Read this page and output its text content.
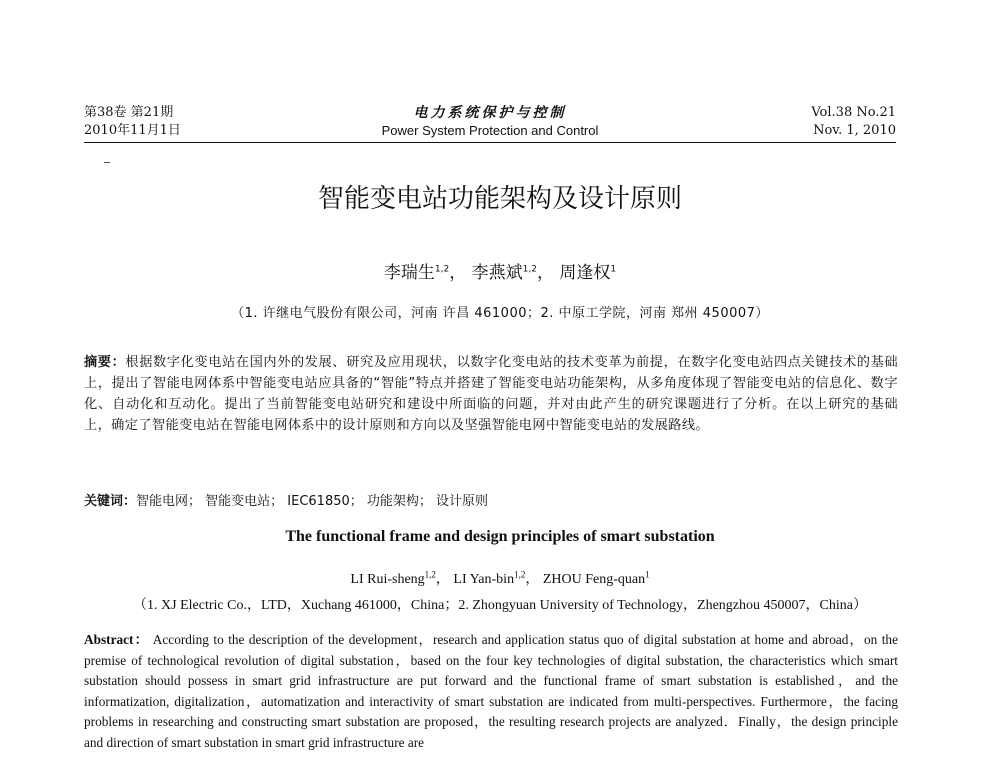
第38卷 第21期
2010年11月1日
电力系统保护与控制
Power System Protection and Control
Vol.38 No.21
Nov. 1, 2010
智能变电站功能架构及设计原则
李瑞生$^{1,2}$， 李燕斌$^{1,2}$， 周逢权$^1$
（1. 许继电气股份有限公司，河南 许昌 461000；2. 中原工学院，河南 郑州 450007）
摘要：根据数字化变电站在国内外的发展、研究及应用现状，以数字化变电站的技术变革为前提，在数字化变电站四点关键技术的基础上，提出了智能电网体系中智能变电站应具备的“智能”特点并搭建了智能变电站功能架构，从多角度体现了智能变电站的信息化、数字化、自动化和互动化。提出了当前智能变电站研究和建设中所面临的问题，并对由此产生的研究课题进行了分析。在以上研究的基础上，确定了智能变电站在智能电网体系中的设计原则和方向以及坚强智能电网中智能变电站的发展路线。
关键词：智能电网； 智能变电站； IEC61850； 功能架构； 设计原则
The functional frame and design principles of smart substation
LI Rui-sheng$^{1,2}$， LI Yan-bin$^{1,2}$， ZHOU Feng-quan$^1$
（1. XJ Electric Co.，LTD，Xuchang 461000，China；2. Zhongyuan University of Technology，Zhengzhou 450007，China）
Abstract： According to the description of the development，research and application status quo of digital substation at home and abroad，on the premise of technological revolution of digital substation，based on the four key technologies of digital substation, the characteristics which smart substation should possess in smart grid infrastructure are put forward and the functional frame of smart substation is established，and the informatization, digitalization，automatization and interactivity of smart substation are indicated from multi-perspectives. Furthermore，the facing problems in researching and constructing smart substation are proposed，the resulting research projects are analyzed．Finally，the design principle and direction of smart substation in smart grid infrastructure are
